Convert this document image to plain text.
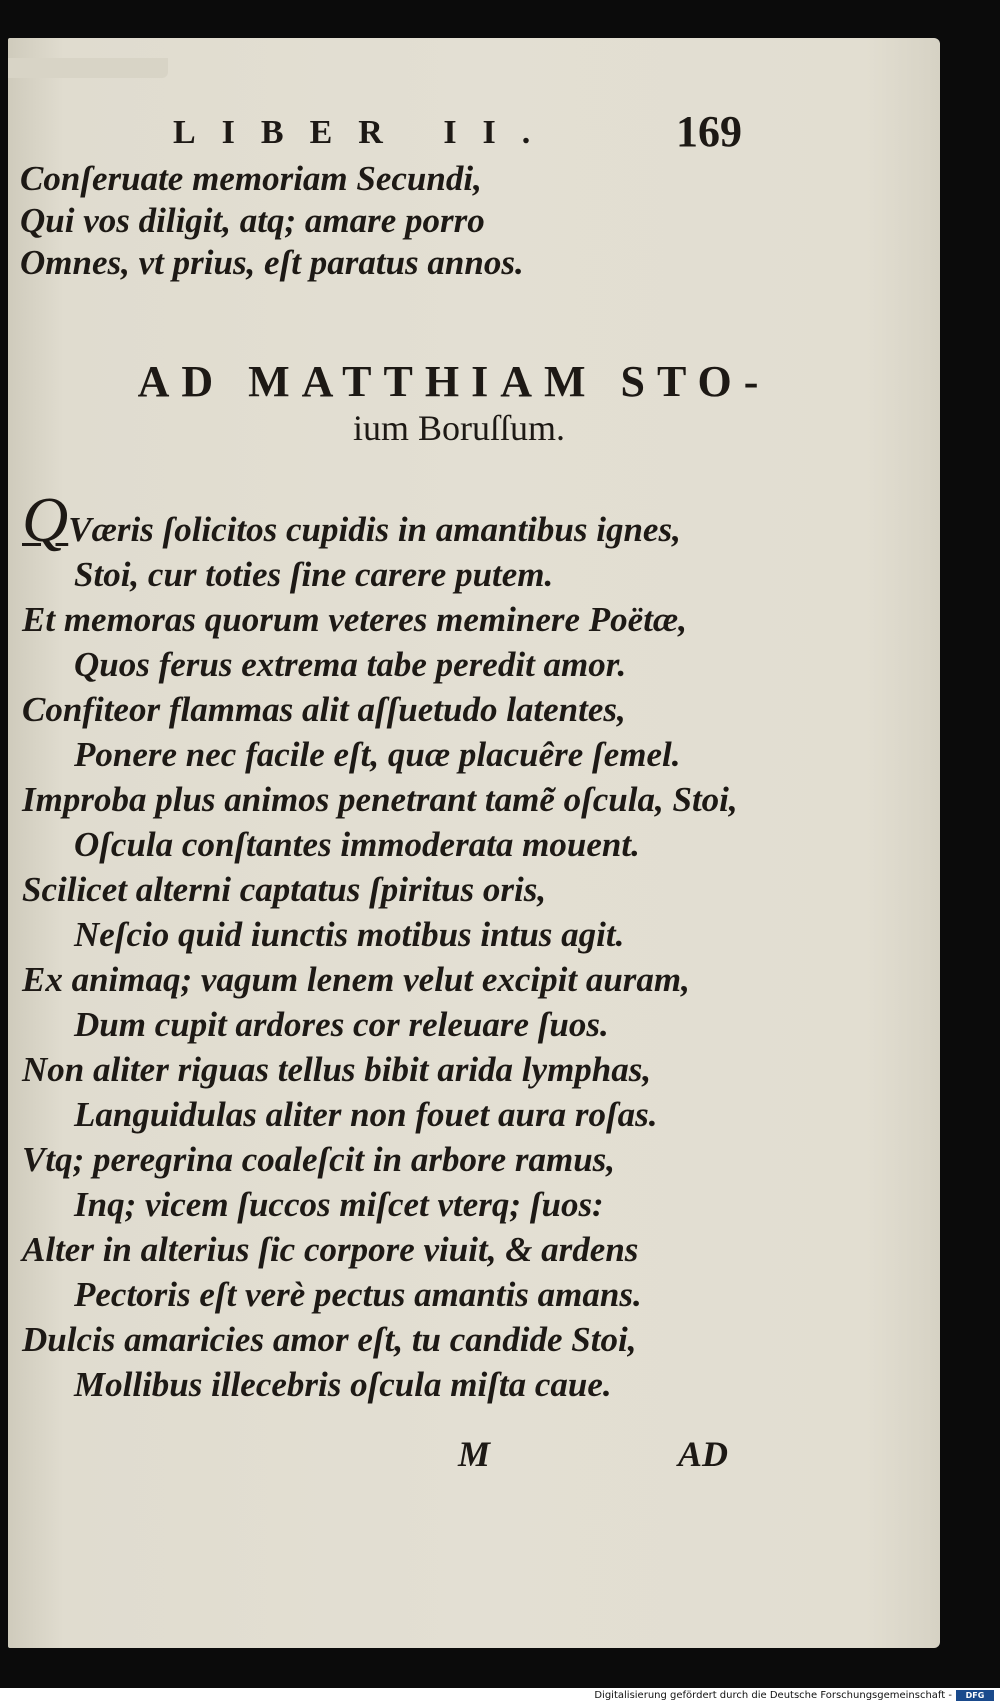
LIBER II.	169
Conſeruate memoriam Secundi,
Qui vos diligit, atq; amare porro
Omnes, vt prius, eſt paratus annos.
AD MATTHIAM STO-
ium Boruſſum.
QVæris ſolicitos cupidis in amantibus ignes,
Stoi, cur toties ſine carere putem.
Et memoras quorum veteres meminere Poëtæ,
Quos ferus extrema tabe peredit amor.
Confiteor flammas alit aſſuetudo latentes,
Ponere nec facile eſt, quæ placuêre ſemel.
Improba plus animos penetrant tamẽ oſcula, Stoi,
Oſcula conſtantes immoderata mouent.
Scilicet alterni captatus ſpiritus oris,
Neſcio quid iunctis motibus intus agit.
Ex animaq; vagum lenem velut excipit auram,
Dum cupit ardores cor releuare ſuos.
Non aliter riguas tellus bibit arida lymphas,
Languidulas aliter non fouet aura roſas.
Vtq; peregrina coaleſcit in arbore ramus,
Inq; vicem ſuccos miſcet vterq; ſuos:
Alter in alterius ſic corpore viuit, & ardens
Pectoris eſt verè pectus amantis amans.
Dulcis amaricies amor eſt, tu candide Stoi,
Mollibus illecebris oſcula miſta caue.
M	AD
Digitalisierung gefördert durch die Deutsche Forschungsgemeinschaft -	DFG
